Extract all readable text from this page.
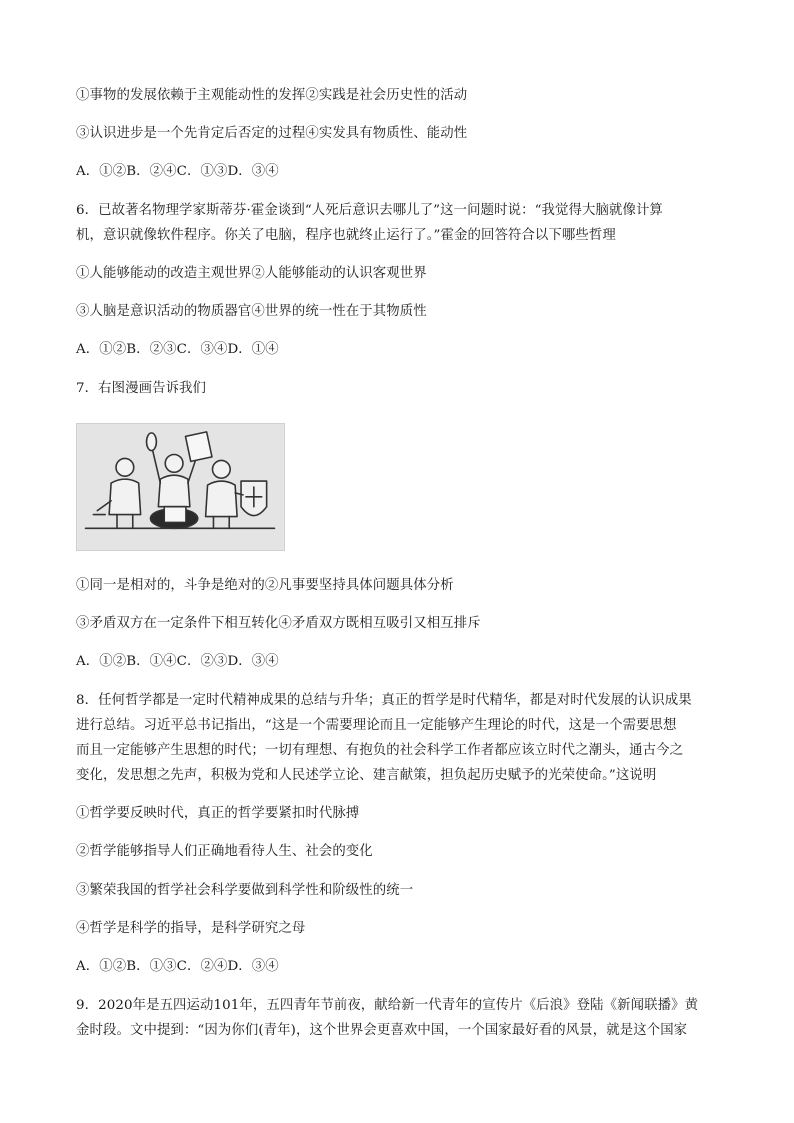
①事物的发展依赖于主观能动性的发挥②实践是社会历史性的活动
③认识进步是一个先肯定后否定的过程④实发具有物质性、能动性
A．①②B．②④C．①③D．③④
6．已故著名物理学家斯蒂芬·霍金谈到“人死后意识去哪儿了”这一问题时说：“我觉得大脑就像计算
机，意识就像软件程序。你关了电脑，程序也就终止运行了。”霍金的回答符合以下哪些哲理
①人能够能动的改造主观世界②人能够能动的认识客观世界
③人脑是意识活动的物质器官④世界的统一性在于其物质性
A．①②B．②③C．③④D．①④
7．右图漫画告诉我们
①同一是相对的，斗争是绝对的②凡事要坚持具体问题具体分析
③矛盾双方在一定条件下相互转化④矛盾双方既相互吸引又相互排斥
A．①②B．①④C．②③D．③④
8．任何哲学都是一定时代精神成果的总结与升华；真正的哲学是时代精华，都是对时代发展的认识成果
进行总结。习近平总书记指出，“这是一个需要理论而且一定能够产生理论的时代，这是一个需要思想
而且一定能够产生思想的时代；一切有理想、有抱负的社会科学工作者都应该立时代之潮头，通古今之
变化，发思想之先声，积极为党和人民述学立论、建言献策，担负起历史赋予的光荣使命。”这说明
①哲学要反映时代，真正的哲学要紧扣时代脉搏
②哲学能够指导人们正确地看待人生、社会的变化
③繁荣我国的哲学社会科学要做到科学性和阶级性的统一
④哲学是科学的指导，是科学研究之母
A．①②B．①③C．②④D．③④
9．2020年是五四运动101年，五四青年节前夜，献给新一代青年的宣传片《后浪》登陆《新闻联播》黄
金时段。文中提到：“因为你们(青年)，这个世界会更喜欢中国，一个国家最好看的风景，就是这个国家
